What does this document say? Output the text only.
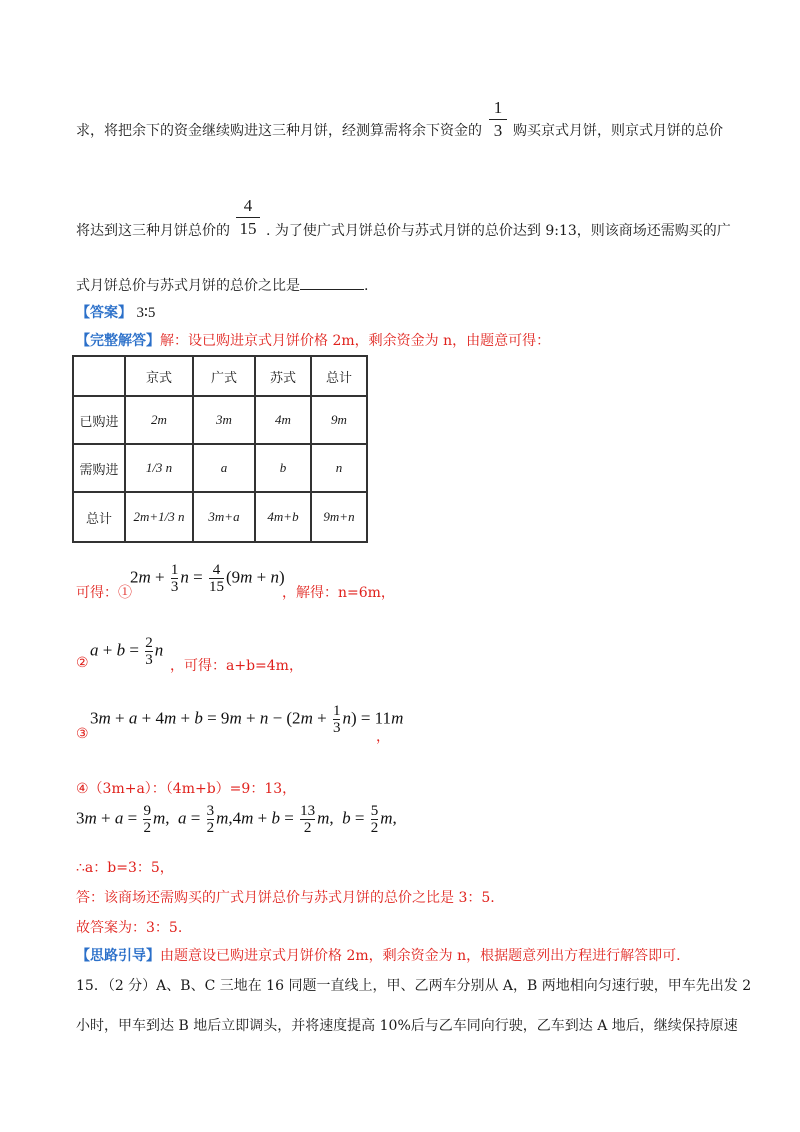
求，将把余下的资金继续购进这三种月饼，经测算需将余下资金的
1
3 购买京式月饼，则京式月饼的总价
将达到这三种月饼总价的
4
15 . 为了使广式月饼总价与苏式月饼的总价达到 9:13，则该商场还需购买的广
式月饼总价与苏式月饼的总价之比是	.
【答案】 3∶5
【完整解答】解：设已购进京式月饼价格 2m，剩余资金为 n，由题意可得：
	京式	广式	苏式	总计
已购进	2m	3m	4m	9m
需购进	1/3 n	a	b	n
总计	2m+1/3 n	3m+a	4m+b	9m+n
可得：①
$2m + \frac{1}{3}$ $n = \frac{4}{15} (9m + n)$
，解得：n=6m，
②
$a + b = \frac{2}{3}$ n
，可得：a+b=4m，
③
$3m + a + 4m + b = 9m + n - (2m + \frac{1}{3} n) = 11m$
，
④（3m+a）：（4m+b）=9：13，
$3m + a = \frac{9}{2} m$,  $a = \frac{3}{2} m,4m + b = \frac{13}{2} m$,  $b = \frac{5}{2} m$,
∴a：b=3：5，
答：该商场还需购买的广式月饼总价与苏式月饼的总价之比是 3：5.
故答案为：3：5.
【思路引导】由题意设已购进京式月饼价格 2m，剩余资金为 n，根据题意列出方程进行解答即可.
15．（2 分）A、B、C 三地在 16 同题一直线上，甲、乙两车分别从 A，B 两地相向匀速行驶，甲车先出发 2
小时，甲车到达 B 地后立即调头，并将速度提高 10%后与乙车同向行驶，乙车到达 A 地后，继续保持原速
